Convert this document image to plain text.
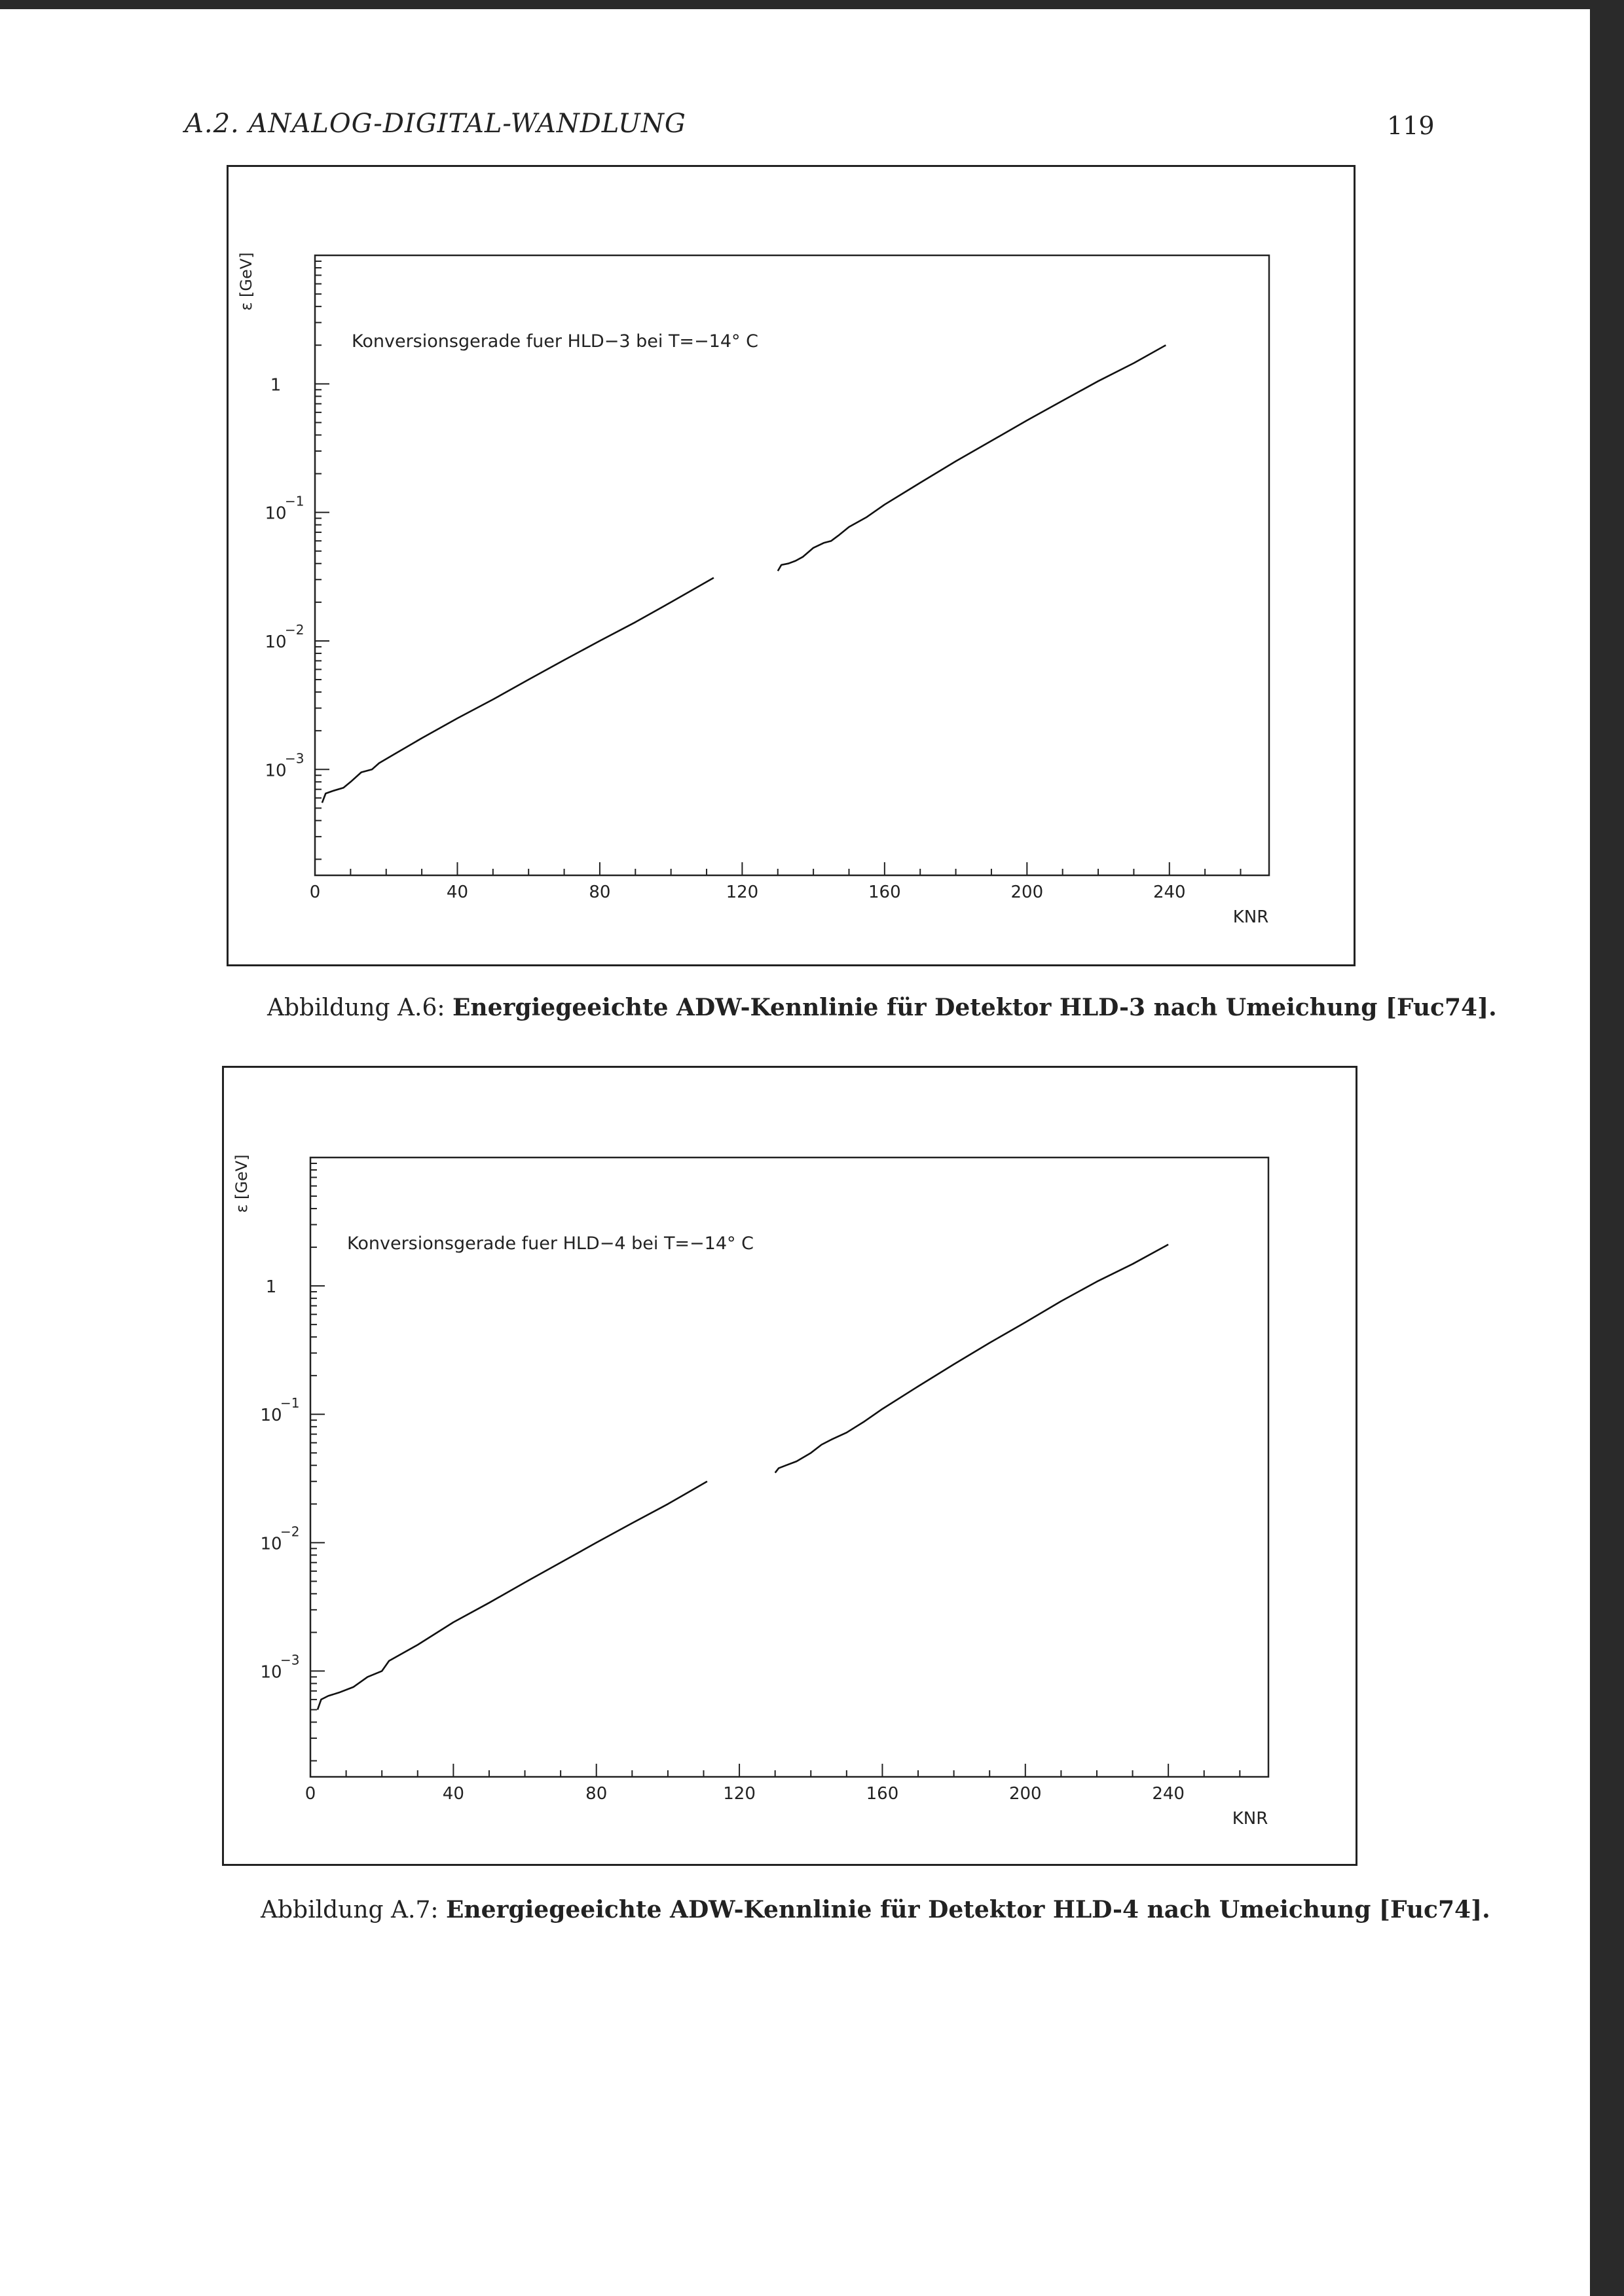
A.2. ANALOG-DIGITAL-WANDLUNG	119
0	40	80	120	160	200	240
KNR
10
−3
10
−2
10
−1
1
ε [GeV]
Konversionsgerade fuer HLD−3 bei T=−14° C
Abbildung A.6: Energiegeeichte ADW-Kennlinie für Detektor HLD-3 nach Umeichung [Fuc74].
0	40	80	120	160	200	240
KNR
10
−3
10
−2
10
−1
1
ε [GeV]
Konversionsgerade fuer HLD−4 bei T=−14° C
Abbildung A.7: Energiegeeichte ADW-Kennlinie für Detektor HLD-4 nach Umeichung [Fuc74].
